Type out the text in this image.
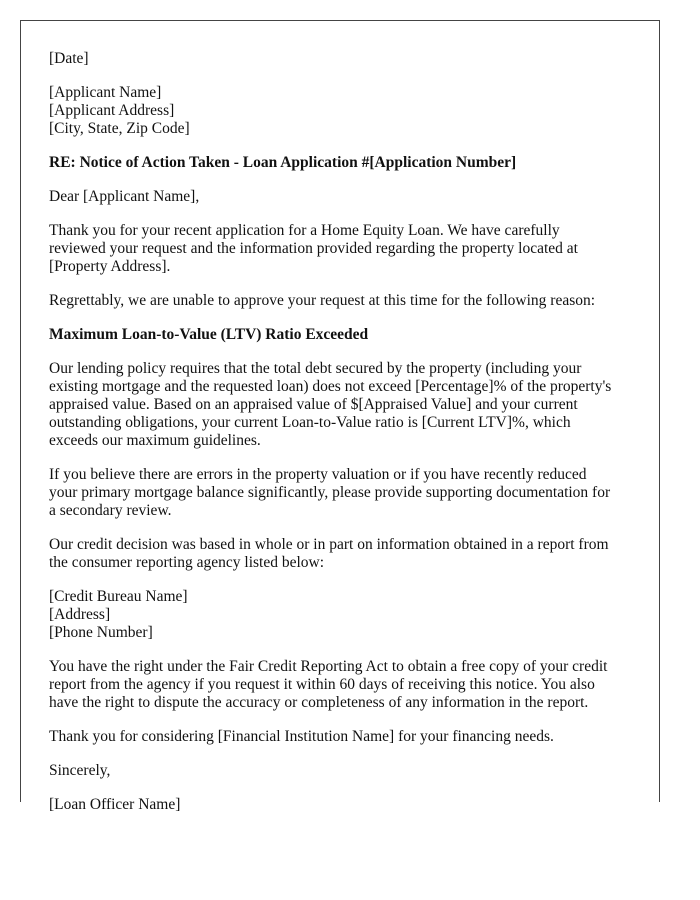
[Date]

[Applicant Name]
[Applicant Address]
[City, State, Zip Code]

RE: Notice of Action Taken - Loan Application #[Application Number]

Dear [Applicant Name],

Thank you for your recent application for a Home Equity Loan. We have carefully
reviewed your request and the information provided regarding the property located at
[Property Address].

Regrettably, we are unable to approve your request at this time for the following reason:

Maximum Loan-to-Value (LTV) Ratio Exceeded

Our lending policy requires that the total debt secured by the property (including your
existing mortgage and the requested loan) does not exceed [Percentage]% of the property's
appraised value. Based on an appraised value of $[Appraised Value] and your current
outstanding obligations, your current Loan-to-Value ratio is [Current LTV]%, which
exceeds our maximum guidelines.
If you believe there are errors in the property valuation or if you have recently reduced
your primary mortgage balance significantly, please provide supporting documentation for
a secondary review.
Our credit decision was based in whole or in part on information obtained in a report from
the consumer reporting agency listed below:
[Credit Bureau Name]
[Address]
[Phone Number]
You have the right under the Fair Credit Reporting Act to obtain a free copy of your credit
report from the agency if you request it within 60 days of receiving this notice. You also
have the right to dispute the accuracy or completeness of any information in the report.

Thank you for considering [Financial Institution Name] for your financing needs.

Sincerely,

[Loan Officer Name]
